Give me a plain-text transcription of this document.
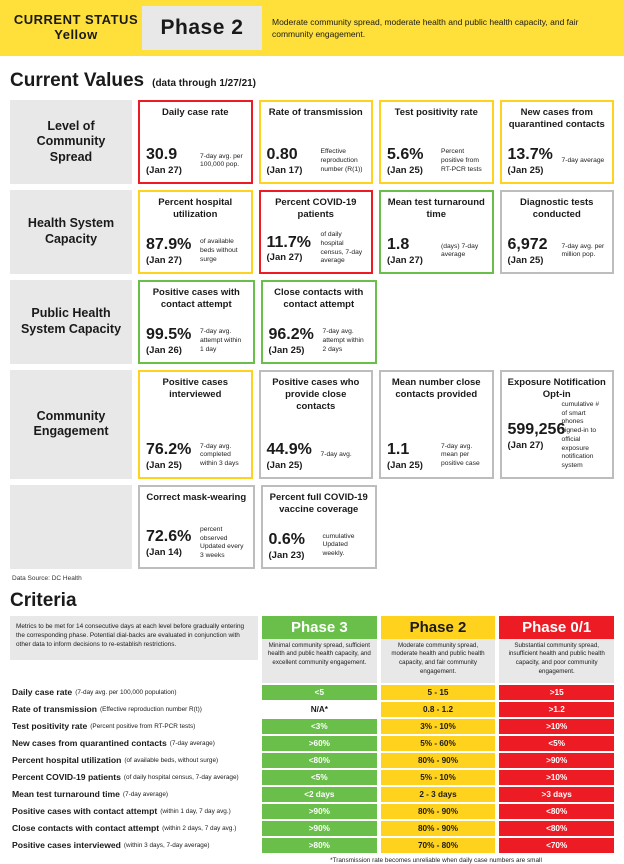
CURRENT STATUS
Yellow	Phase 2	Moderate community spread, moderate health and public health capacity, and fair community engagement.
Current Values (data through 1/27/21)
Level of Community Spread
Daily case rate
30.9
(Jan 27)
7-day avg. per 100,000 pop.
Rate of transmission
0.80
(Jan 17)
Effective reproduction number (R(1))
Test positivity rate
5.6%
(Jan 25)
Percent positive from RT-PCR tests
New cases from quarantined contacts
13.7%
(Jan 25)
7-day average
Health System Capacity
Percent hospital utilization
87.9%
(Jan 27)
of available beds without surge
Percent COVID-19 patients
11.7%
(Jan 27)
of daily hospital census, 7-day average
Mean test turnaround time
1.8
(Jan 27)
(days) 7-day average
Diagnostic tests conducted
6,972
(Jan 25)
7-day avg. per million pop.
Public Health System Capacity
Positive cases with contact attempt
99.5%
(Jan 26)
7-day avg. attempt within 1 day
Close contacts with contact attempt
96.2%
(Jan 25)
7-day avg. attempt within 2 days
Community Engagement
Positive cases interviewed
76.2%
(Jan 25)
7-day avg. completed within 3 days
Positive cases who provide close contacts
44.9%
(Jan 25)
7-day avg.
Mean number close contacts provided
1.1
(Jan 25)
7-day avg. mean per positive case
Exposure Notification Opt-in
599,256
(Jan 27)
cumulative # of smart phones signed-in to official exposure notification system
Correct mask-wearing
72.6%
(Jan 14)
percent observed Updated every 3 weeks
Percent full COVID-19 vaccine coverage
0.6%
(Jan 23)
cumulative Updated weekly.
Data Source: DC Health
Criteria
Metrics to be met for 14 consecutive days at each level before gradually entering the corresponding phase. Potential dial-backs are evaluated in conjunction with other data to inform decisions to re-establish restrictions.
Phase 3
Minimal community spread, sufficient health and public health capacity, and excellent community engagement.
Phase 2
Moderate community spread, moderate health and public health capacity, and fair community engagement.
Phase 0/1
Substantial community spread, insufficient health and public health capacity, and poor community engagement.
Daily case rate (7-day avg. per 100,000 population)	<5	5 - 15	>15
Rate of transmission (Effective reproduction number R(t))	N/A*	0.8 - 1.2	>1.2
Test positivity rate (Percent positive from RT-PCR tests)	<3%	3% - 10%	>10%
New cases from quarantined contacts (7-day average)	>60%	5% - 60%	<5%
Percent hospital utilization (of available beds, without surge)	<80%	80% - 90%	>90%
Percent COVID-19 patients (of daily hospital census, 7-day average)	<5%	5% - 10%	>10%
Mean test turnaround time (7-day average)	<2 days	2 - 3 days	>3 days
Positive cases with contact attempt (within 1 day, 7 day avg.)	>90%	80% - 90%	<80%
Close contacts with contact attempt (within 2 days, 7 day avg.)	>90%	80% - 90%	<80%
Positive cases interviewed (within 3 days, 7-day average)	>80%	70% - 80%	<70%
*Transmission rate becomes unreliable when daily case numbers are small
